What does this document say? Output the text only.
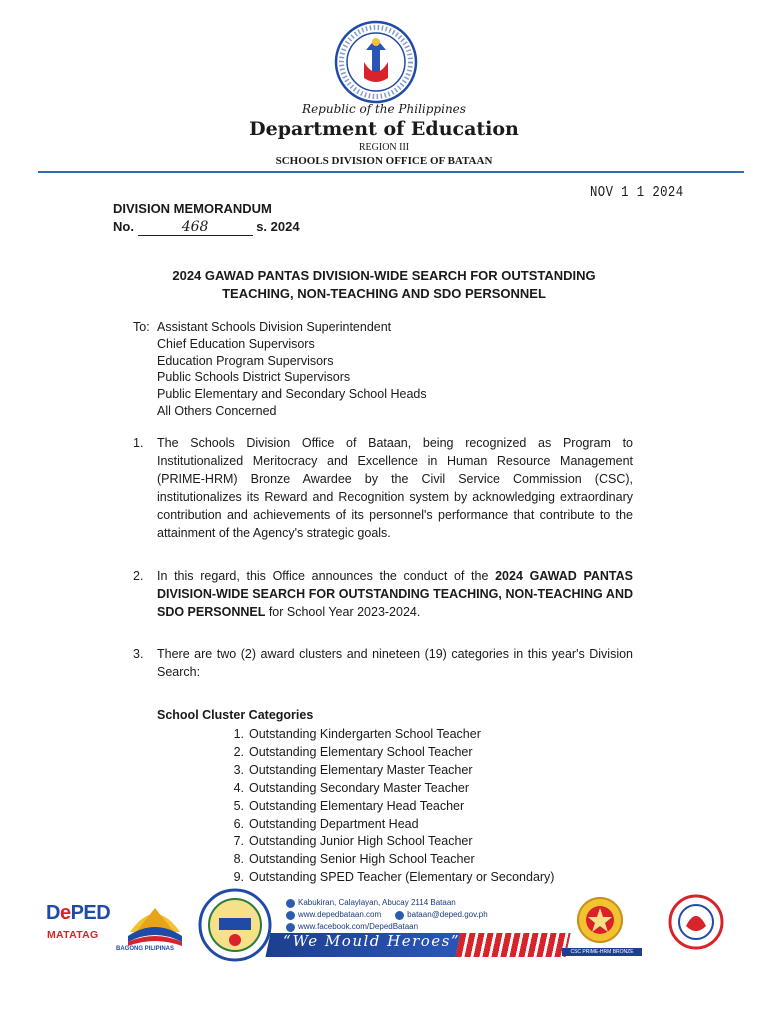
Republic of the Philippines
Department of Education
REGION III
SCHOOLS DIVISION OFFICE OF BATAAN
NOV 1 1 2024
DIVISION MEMORANDUM
No.	468	s. 2024
2024 GAWAD PANTAS DIVISION-WIDE SEARCH FOR OUTSTANDING
TEACHING, NON-TEACHING AND SDO PERSONNEL
To: Assistant Schools Division Superintendent
Chief Education Supervisors
Education Program Supervisors
Public Schools District Supervisors
Public Elementary and Secondary School Heads
All Others Concerned
1.	The Schools Division Office of Bataan, being recognized as Program to Institutionalized Meritocracy and Excellence in Human Resource Management (PRIME-HRM) Bronze Awardee by the Civil Service Commission (CSC), institutionalizes its Reward and Recognition system by acknowledging extraordinary contribution and achievements of its personnel's performance that contribute to the attainment of the Agency's strategic goals.
2.	In this regard, this Office announces the conduct of the 2024 GAWAD PANTAS DIVISION-WIDE SEARCH FOR OUTSTANDING TEACHING, NON-TEACHING AND SDO PERSONNEL for School Year 2023-2024.
3.	There are two (2) award clusters and nineteen (19) categories in this year's Division Search:
School Cluster Categories
1. Outstanding Kindergarten School Teacher
2. Outstanding Elementary School Teacher
3. Outstanding Elementary Master Teacher
4. Outstanding Secondary Master Teacher
5. Outstanding Elementary Head Teacher
6. Outstanding Department Head
7. Outstanding Junior High School Teacher
8. Outstanding Senior High School Teacher
9. Outstanding SPED Teacher (Elementary or Secondary)
DePED
MATATAG
BAGONG PILIPINAS
Kabukiran, Calaylayan, Abucay 2114 Bataan
www.depedbataan.com	bataan@deped.gov.ph
www.facebook.com/DepedBataan
“We Mould Heroes”
CSC PRIME-HRM BRONZE AWARD
